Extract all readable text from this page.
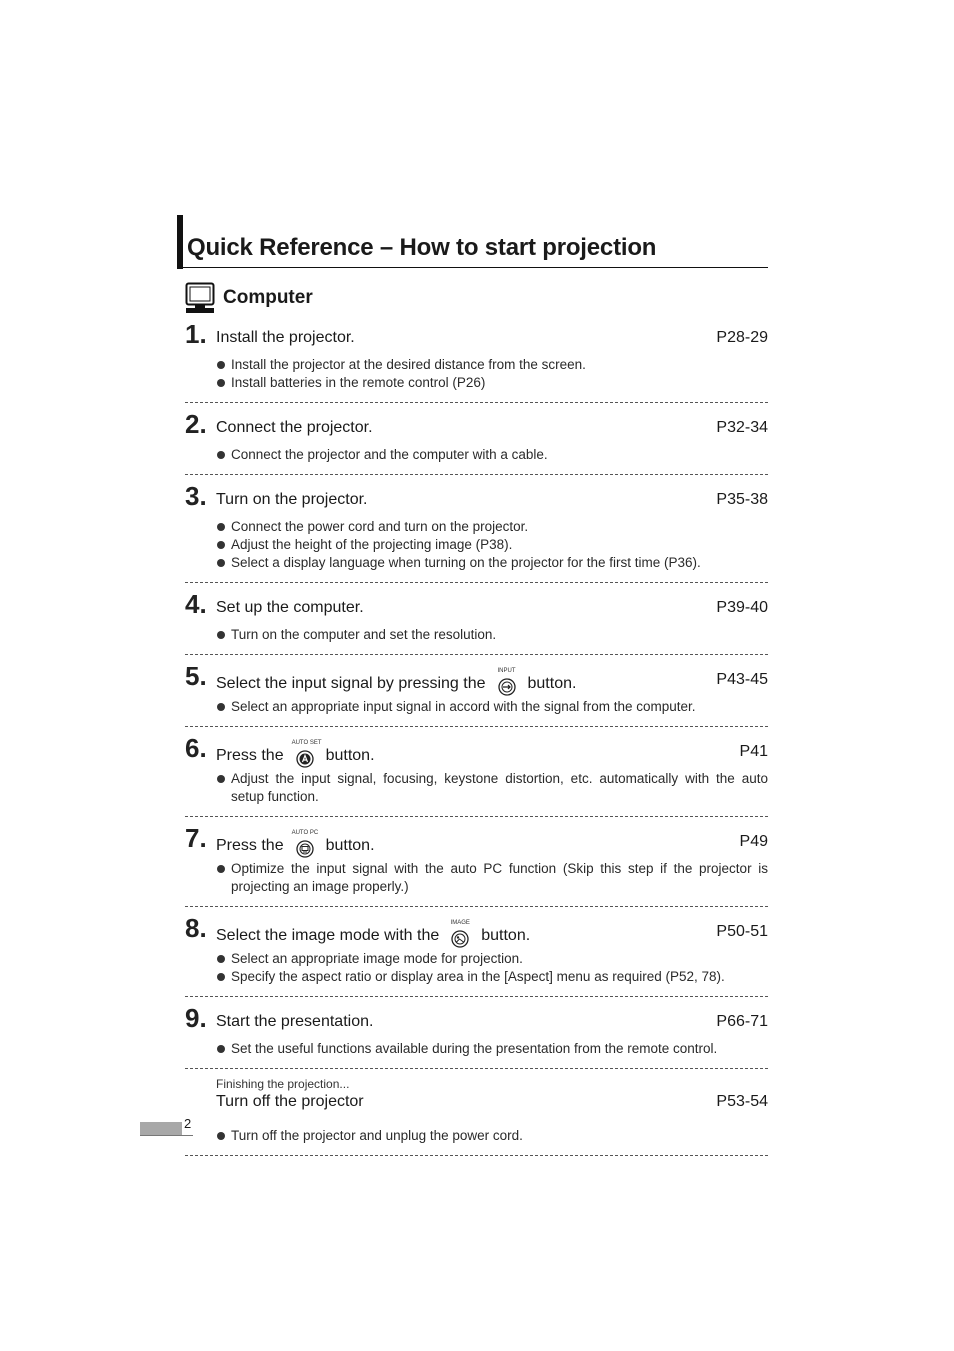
Quick Reference – How to start projection
Computer
1. Install the projector.	P28-29
Install the projector at the desired distance from the screen.
Install batteries in the remote control (P26)
2. Connect the projector.	P32-34
Connect the projector and the computer with a cable.
3. Turn on the projector.	P35-38
Connect the power cord and turn on the projector.
Adjust the height of the projecting image (P38).
Select a display language when turning on the projector for the first time (P36).
4. Set up the computer.	P39-40
Turn on the computer and set the resolution.
5. Select the input signal by pressing the
INPUT
button.	P43-45
Select an appropriate input signal in accord with the signal from the computer.
6. Press the
AUTO SET
button.	P41
Adjust the input signal, focusing, keystone distortion, etc. automatically with the auto setup function.
7. Press the
AUTO PC
button.	P49
Optimize the input signal with the auto PC function (Skip this step if the projector is projecting an image properly.)
8. Select the image mode with the
IMAGE
button.	P50-51
Select an appropriate image mode for projection.
Specify the aspect ratio or display area in the [Aspect] menu as required (P52, 78).
9. Start the presentation.	P66-71
Set the useful functions available during the presentation from the remote control.
Finishing the projection...
Turn off the projector	P53-54
Turn off the projector and unplug the power cord.
2
